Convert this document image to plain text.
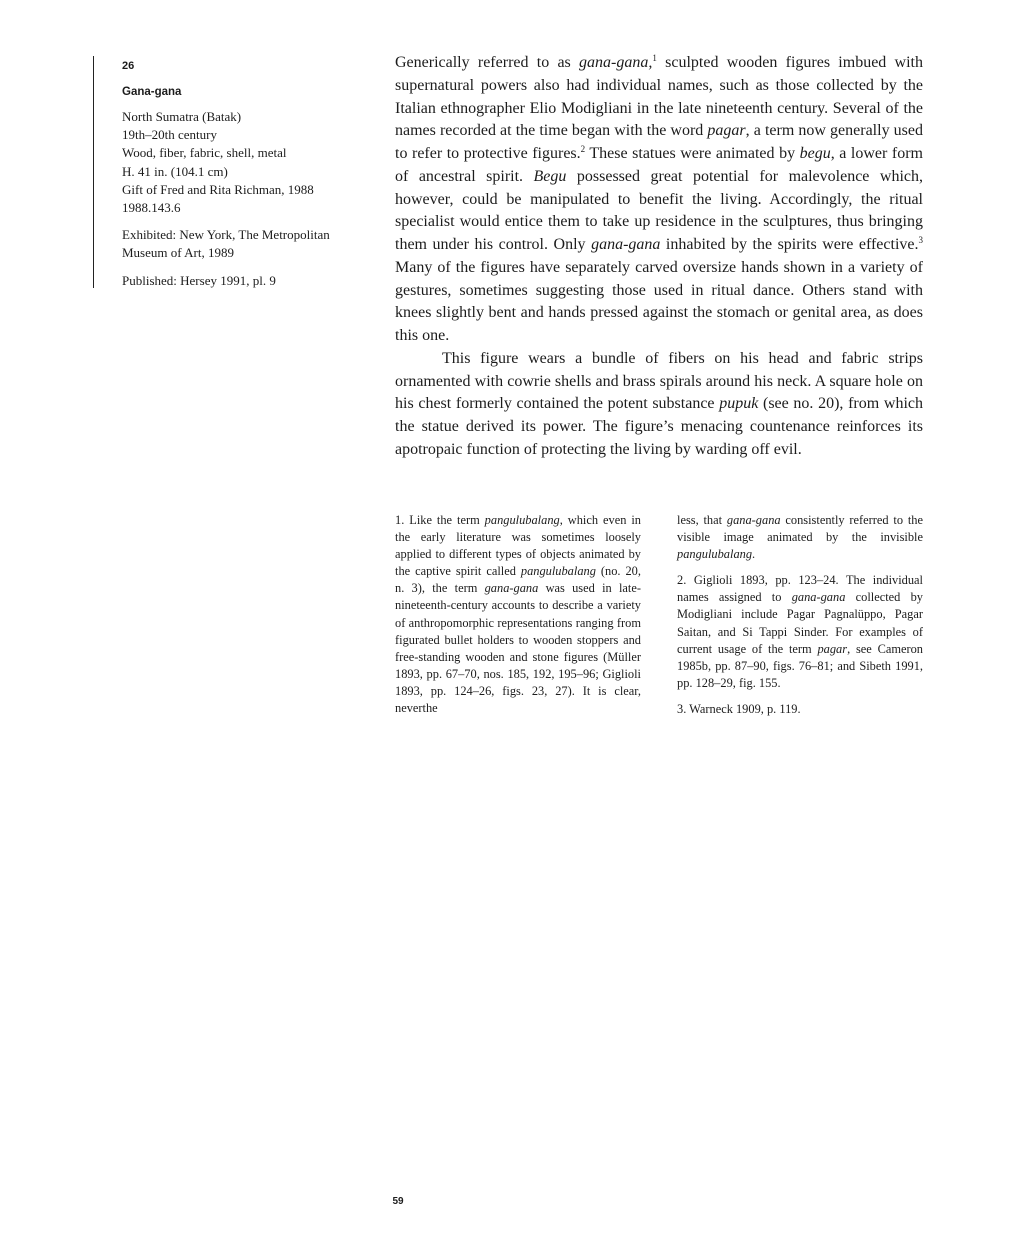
26
Gana-gana
North Sumatra (Batak)
19th–20th century
Wood, fiber, fabric, shell, metal
H. 41 in. (104.1 cm)
Gift of Fred and Rita Richman, 1988
1988.143.6
Exhibited: New York, The Metropolitan Museum of Art, 1989
Published: Hersey 1991, pl. 9

Generically referred to as gana-gana,$^1$ sculpted wooden figures imbued with supernatural powers also had individual names, such as those collected by the Italian ethnographer Elio Modigliani in the late nineteenth century. Several of the names recorded at the time began with the word pagar, a term now generally used to refer to protective figures.$^2$ These statues were animated by begu, a lower form of ancestral spirit. Begu possessed great potential for malevolence which, however, could be manipulated to benefit the living. Accordingly, the ritual specialist would entice them to take up residence in the sculptures, thus bringing them under his control. Only gana-gana inhabited by the spirits were effective.$^3$ Many of the figures have separately carved oversize hands shown in a variety of gestures, sometimes suggesting those used in ritual dance. Others stand with knees slightly bent and hands pressed against the stomach or genital area, as does this one.

This figure wears a bundle of fibers on his head and fabric strips ornamented with cowrie shells and brass spirals around his neck. A square hole on his chest formerly contained the potent substance pupuk (see no. 20), from which the statue derived its power. The figure’s menacing countenance reinforces its apotropaic function of protecting the living by warding off evil.

1. Like the term pangulubalang, which even in the early literature was sometimes loosely applied to different types of objects animated by the captive spirit called pangulubalang (no. 20, n. 3), the term gana-gana was used in late-nineteenth-century accounts to describe a variety of anthropomorphic representations ranging from figurated bullet holders to wooden stoppers and free-standing wooden and stone figures (Müller 1893, pp. 67–70, nos. 185, 192, 195–96; Giglioli 1893, pp. 124–26, figs. 23, 27). It is clear, neverthe

less, that gana-gana consistently referred to the visible image animated by the invisible pangulubalang.

2. Giglioli 1893, pp. 123–24. The individual names assigned to gana-gana collected by Modigliani include Pagar Pagnalüppo, Pagar Saitan, and Si Tappi Sinder. For examples of current usage of the term pagar, see Cameron 1985b, pp. 87–90, figs. 76–81; and Sibeth 1991, pp. 128–29, fig. 155.

3. Warneck 1909, p. 119.

59
